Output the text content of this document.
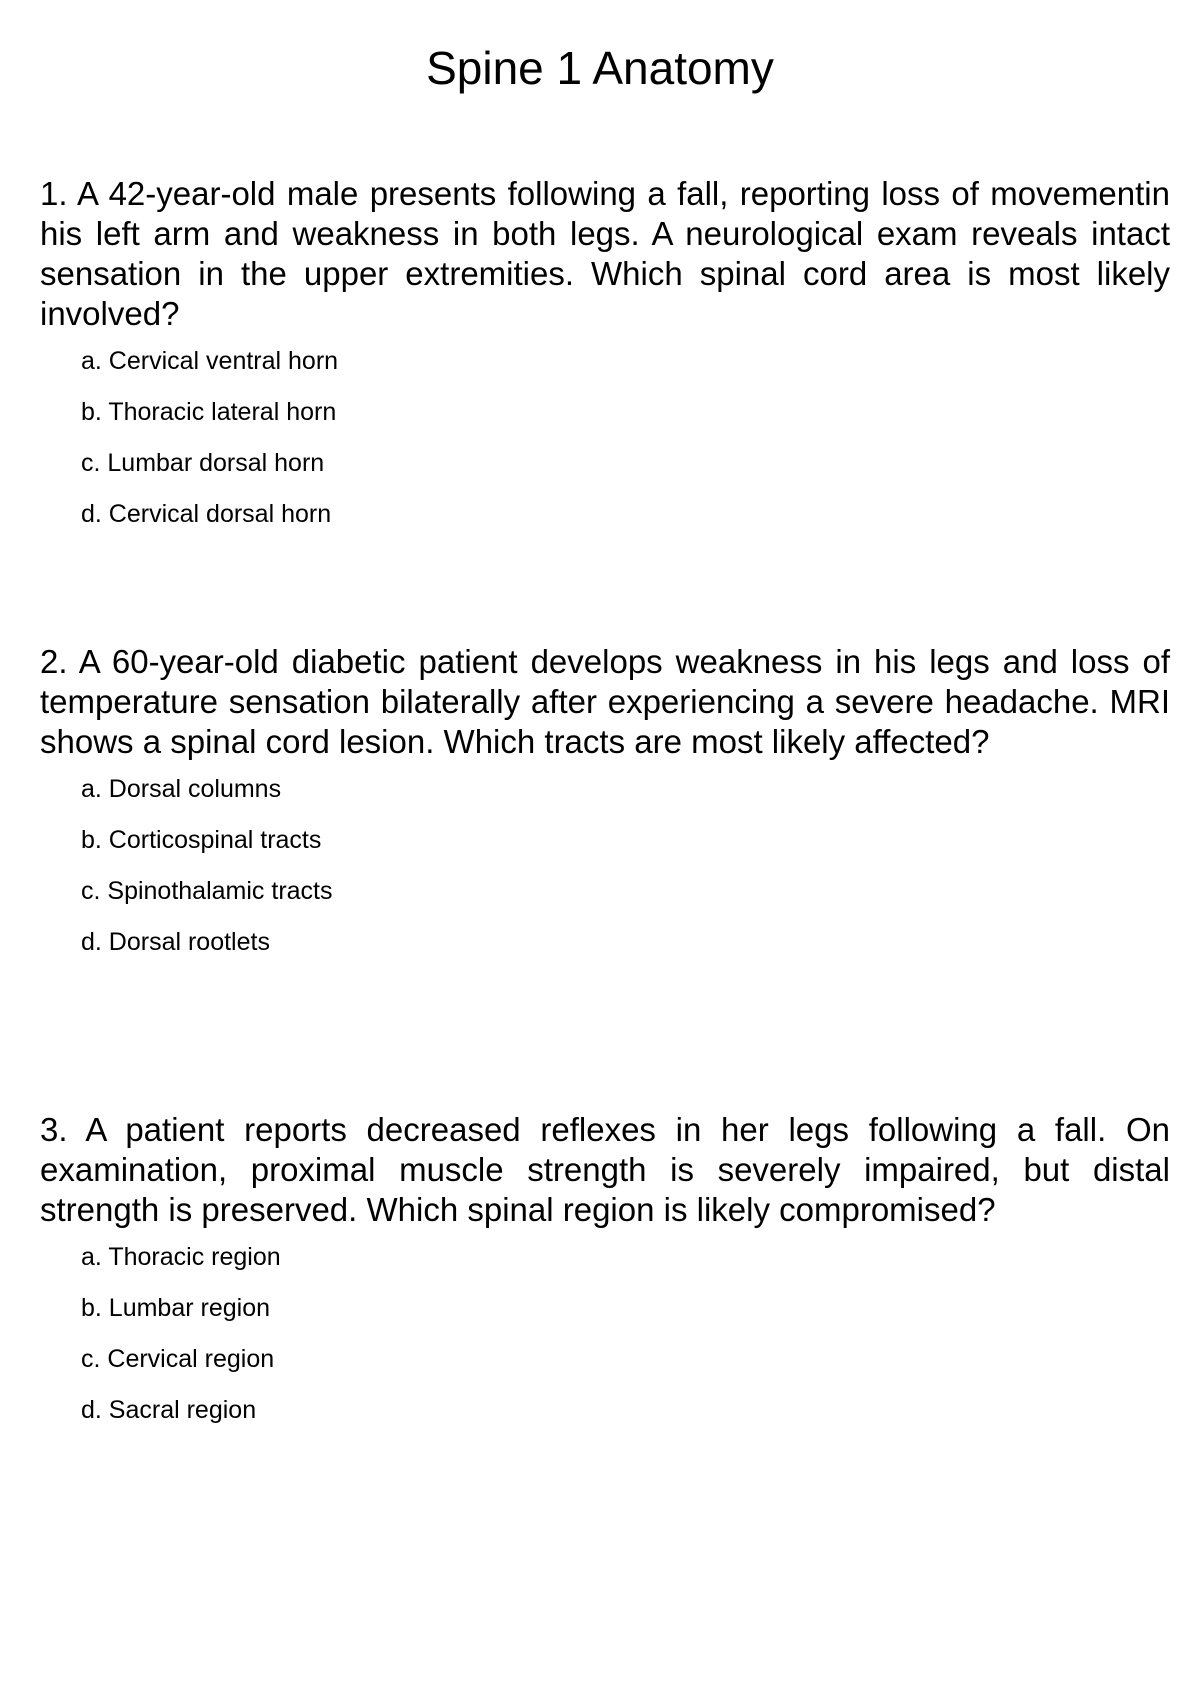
Spine 1 Anatomy

1. A 42-year-old male presents following a fall, reporting loss of movementin his left arm and weakness in both legs. A neurological exam reveals intact sensation in the upper extremities. Which spinal cord area is most likely involved?

a. Cervical ventral horn
b. Thoracic lateral horn
c. Lumbar dorsal horn
d. Cervical dorsal horn

2. A 60-year-old diabetic patient develops weakness in his legs and loss of temperature sensation bilaterally after experiencing a severe headache. MRI shows a spinal cord lesion. Which tracts are most likely affected?

a. Dorsal columns
b. Corticospinal tracts
c. Spinothalamic tracts
d. Dorsal rootlets

3. A patient reports decreased reflexes in her legs following a fall. On examination, proximal muscle strength is severely impaired, but distal strength is preserved. Which spinal region is likely compromised?

a. Thoracic region
b. Lumbar region
c. Cervical region
d. Sacral region
